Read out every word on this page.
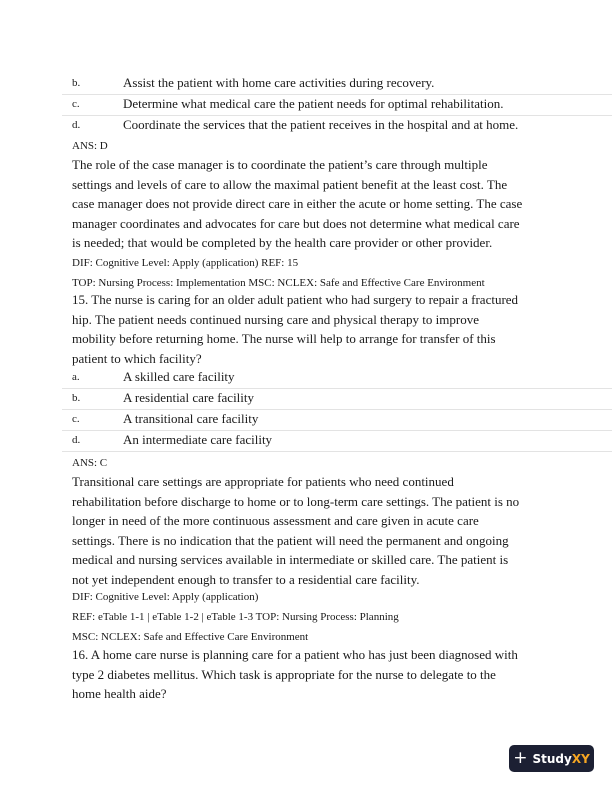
b.	Assist the patient with home care activities during recovery.
c.	Determine what medical care the patient needs for optimal rehabilitation.
d.	Coordinate the services that the patient receives in the hospital and at home.
ANS: D
The role of the case manager is to coordinate the patient’s care through multiple
settings and levels of care to allow the maximal patient benefit at the least cost. The
case manager does not provide direct care in either the acute or home setting. The case
manager coordinates and advocates for care but does not determine what medical care
is needed; that would be completed by the health care provider or other provider.
DIF: Cognitive Level: Apply (application) REF: 15
TOP: Nursing Process: Implementation MSC: NCLEX: Safe and Effective Care Environment
15. The nurse is caring for an older adult patient who had surgery to repair a fractured
hip. The patient needs continued nursing care and physical therapy to improve
mobility before returning home. The nurse will help to arrange for transfer of this
patient to which facility?
a.	A skilled care facility
b.	A residential care facility
c.	A transitional care facility
d.	An intermediate care facility
ANS: C
Transitional care settings are appropriate for patients who need continued
rehabilitation before discharge to home or to long-term care settings. The patient is no
longer in need of the more continuous assessment and care given in acute care
settings. There is no indication that the patient will need the permanent and ongoing
medical and nursing services available in intermediate or skilled care. The patient is
not yet independent enough to transfer to a residential care facility.
DIF: Cognitive Level: Apply (application)
REF: eTable 1-1 | eTable 1-2 | eTable 1-3 TOP: Nursing Process: Planning
MSC: NCLEX: Safe and Effective Care Environment
16. A home care nurse is planning care for a patient who has just been diagnosed with
type 2 diabetes mellitus. Which task is appropriate for the nurse to delegate to the
home health aide?
+ Study XY
